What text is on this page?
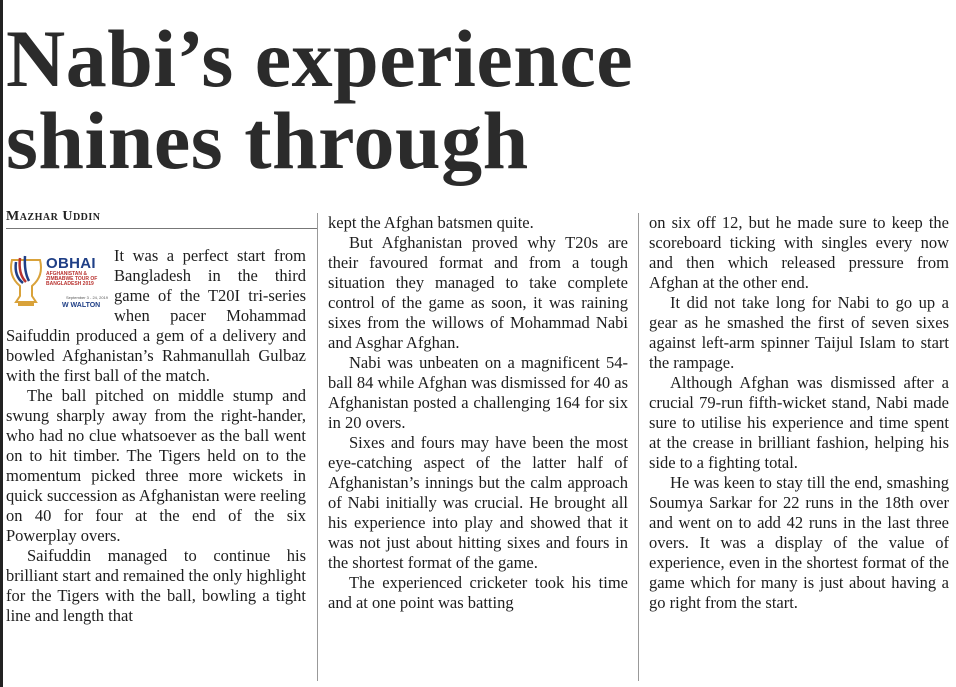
Nabi’s experience
shines through
Mazhar Uddin

OBHAI
AFGHANISTAN &
ZIMBABWE TOUR OF
BANGLADESH 2019
September 3 - 24, 2019
W WALTON
It was a perfect start from Bangladesh in the third game of the T20I tri-series when pacer Mohammad Saifuddin produced a gem of a delivery and bowled Afghanistan’s Rahmanullah Gulbaz with the first ball of the match.

The ball pitched on middle stump and swung sharply away from the right-hander, who had no clue whatsoever as the ball went on to hit timber. The Tigers held on to the momentum picked three more wickets in quick succession as Afghanistan were reeling on 40 for four at the end of the six Powerplay overs.

Saifuddin managed to continue his brilliant start and remained the only highlight for the Tigers with the ball, bowling a tight line and length that

kept the Afghan batsmen quite.

But Afghanistan proved why T20s are their favoured format and from a tough situation they managed to take complete control of the game as soon, it was raining sixes from the willows of Mohammad Nabi and Asghar Afghan.

Nabi was unbeaten on a magnificent 54-ball 84 while Afghan was dismissed for 40 as Afghanistan posted a challenging 164 for six in 20 overs.

Sixes and fours may have been the most eye-catching aspect of the latter half of Afghanistan’s innings but the calm approach of Nabi initially was crucial. He brought all his experience into play and showed that it was not just about hitting sixes and fours in the shortest format of the game.

The experienced cricketer took his time and at one point was batting

on six off 12, but he made sure to keep the scoreboard ticking with singles every now and then which released pressure from Afghan at the other end.

It did not take long for Nabi to go up a gear as he smashed the first of seven sixes against left-arm spinner Taijul Islam to start the rampage.

Although Afghan was dismissed after a crucial 79-run fifth-wicket stand, Nabi made sure to utilise his experience and time spent at the crease in brilliant fashion, helping his side to a fighting total.

He was keen to stay till the end, smashing Soumya Sarkar for 22 runs in the 18th over and went on to add 42 runs in the last three overs. It was a display of the value of experience, even in the shortest format of the game which for many is just about having a go right from the start.
